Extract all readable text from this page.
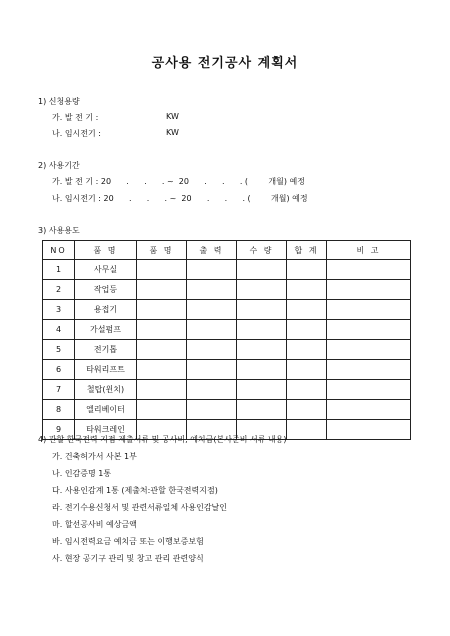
공사용 전기공사 계획서
1) 신청용량
가. 발 전 기 :	KW
나. 임시전기 :	KW
2) 사용기간
가. 발 전 기 : 20      .      .      . ~  20      .      .      . (        개월) 예정
나. 임시전기 : 20      .      .      . ~  20      .      .      . (        개월) 예정
3) 사용용도
NO	품 명	품 명	출 력	수 량	합 계	비 고
1	사무실					
2	작업등					
3	용접기					
4	가설펌프					
5	전기톱					
6	타워리프트					
7	철탑(윈치)					
8	엘리베이터					
9	타워크레인					
4) 관할 한국전력 지점 제출서류 및 공사비, 예치금(본사준비 서류 내용)
가. 건축허가서 사본 1부
나. 인감증명 1통
다. 사용인감계 1통 (제출처:관할 한국전력지점)
라. 전기수용신청서 및 관련서류일체 사용인감날인
마. 할선공사비 예상금액
바. 임시전력요금 예치금 또는 이행보증보험
사. 현장 공기구 관리 및 창고 관리 관련양식
